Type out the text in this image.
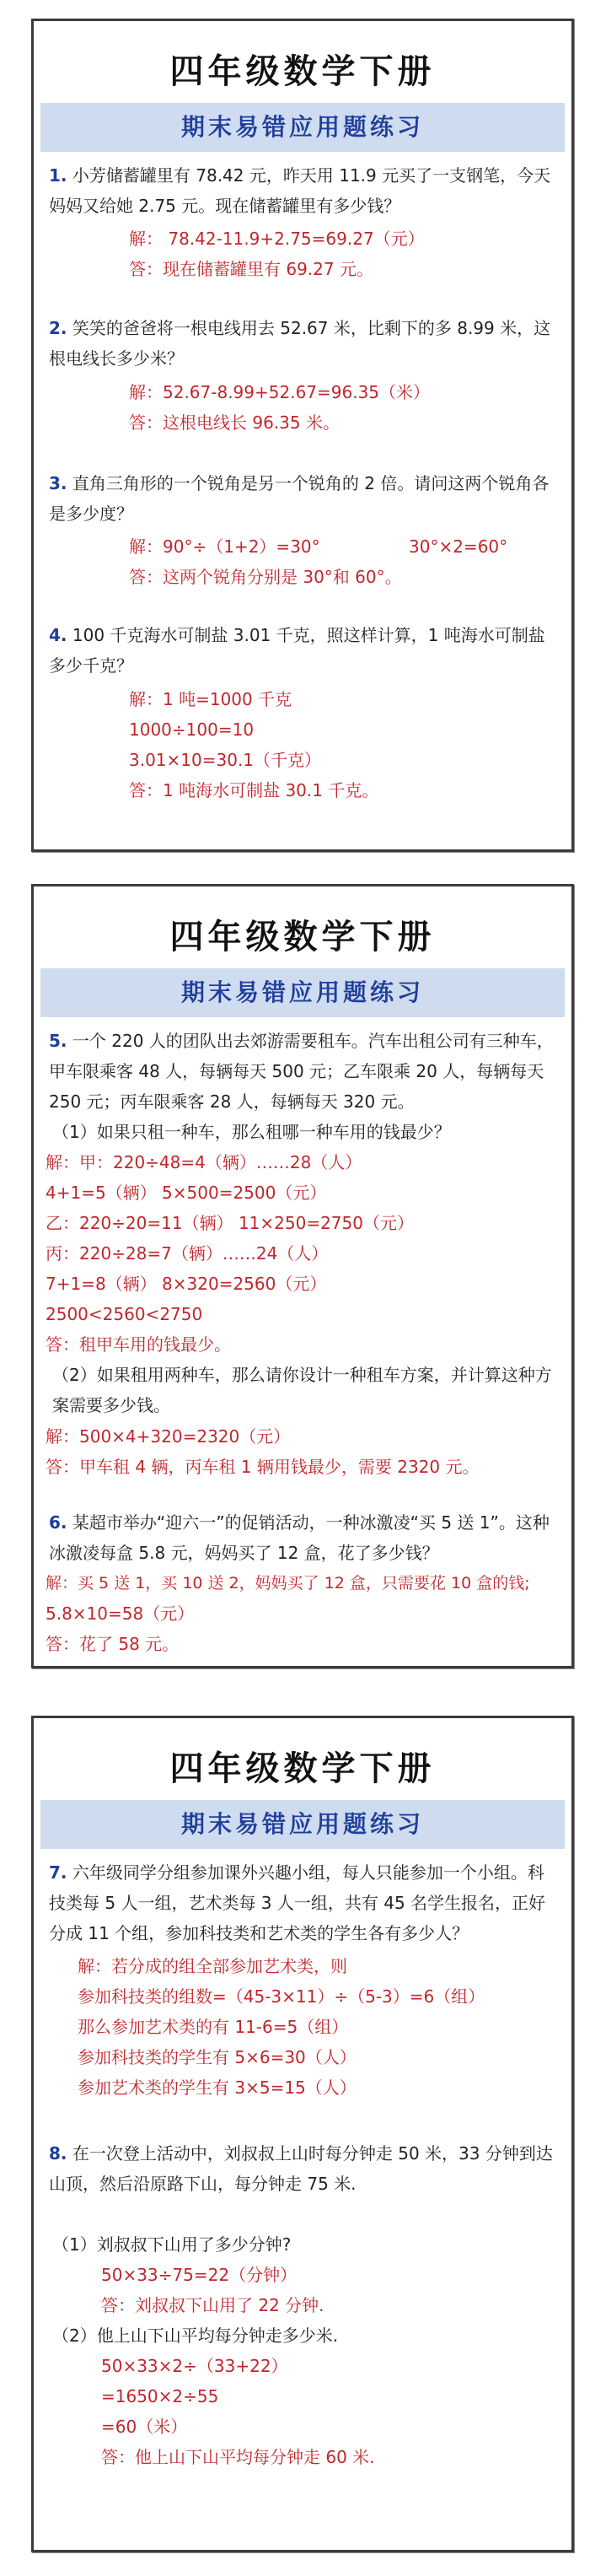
四年级数学下册
期末易错应用题练习
1. 小芳储蓄罐里有 78.42 元，昨天用 11.9 元买了一支钢笔，今天妈妈又给她 2.75 元。现在储蓄罐里有多少钱？
解： 78.42-11.9+2.75=69.27（元）
答：现在储蓄罐里有 69.27 元。
2. 笑笑的爸爸将一根电线用去 52.67 米，比剩下的多 8.99 米，这根电线长多少米？
解：52.67-8.99+52.67=96.35（米）
答：这根电线长 96.35 米。
3. 直角三角形的一个锐角是另一个锐角的 2 倍。请问这两个锐角各是多少度？
解：90°÷（1+2）=30°	30°×2=60°
答：这两个锐角分别是 30°和 60°。
4. 100 千克海水可制盐 3.01 千克，照这样计算，1 吨海水可制盐多少千克？
解：1 吨=1000 千克
1000÷100=10
3.01×10=30.1（千克）
答：1 吨海水可制盐 30.1 千克。
四年级数学下册
期末易错应用题练习
5. 一个 220 人的团队出去郊游需要租车。汽车出租公司有三种车，甲车限乘客 48 人，每辆每天 500 元；乙车限乘 20 人，每辆每天 250 元；丙车限乘客 28 人，每辆每天 320 元。
（1）如果只租一种车，那么租哪一种车用的钱最少？
解：甲：220÷48=4（辆）……28（人）
4+1=5（辆） 5×500=2500（元）
乙：220÷20=11（辆） 11×250=2750（元）
丙：220÷28=7（辆）……24（人）
7+1=8（辆） 8×320=2560（元）
2500<2560<2750
答：租甲车用的钱最少。
（2）如果租用两种车，那么请你设计一种租车方案，并计算这种方案需要多少钱。
解：500×4+320=2320（元）
答：甲车租 4 辆，丙车租 1 辆用钱最少，需要 2320 元。
6. 某超市举办“迎六一”的促销活动，一种冰激凌“买 5 送 1”。这种冰激凌每盒 5.8 元，妈妈买了 12 盒，花了多少钱？
解：买 5 送 1，买 10 送 2，妈妈买了 12 盒，只需要花 10 盒的钱;
5.8×10=58（元）
答：花了 58 元。
四年级数学下册
期末易错应用题练习
7. 六年级同学分组参加课外兴趣小组，每人只能参加一个小组。科技类每 5 人一组，艺术类每 3 人一组，共有 45 名学生报名，正好分成 11 个组，参加科技类和艺术类的学生各有多少人？
解：若分成的组全部参加艺术类，则
参加科技类的组数=（45-3×11）÷（5-3）=6（组）
那么参加艺术类的有 11-6=5（组）
参加科技类的学生有 5×6=30（人）
参加艺术类的学生有 3×5=15（人）
8. 在一次登上活动中，刘叔叔上山时每分钟走 50 米，33 分钟到达山顶，然后沿原路下山，每分钟走 75 米.
（1）刘叔叔下山用了多少分钟?
50×33÷75=22（分钟）
答：刘叔叔下山用了 22 分钟.
（2）他上山下山平均每分钟走多少米.
50×33×2÷（33+22）
=1650×2÷55
=60（米）
答：他上山下山平均每分钟走 60 米.
